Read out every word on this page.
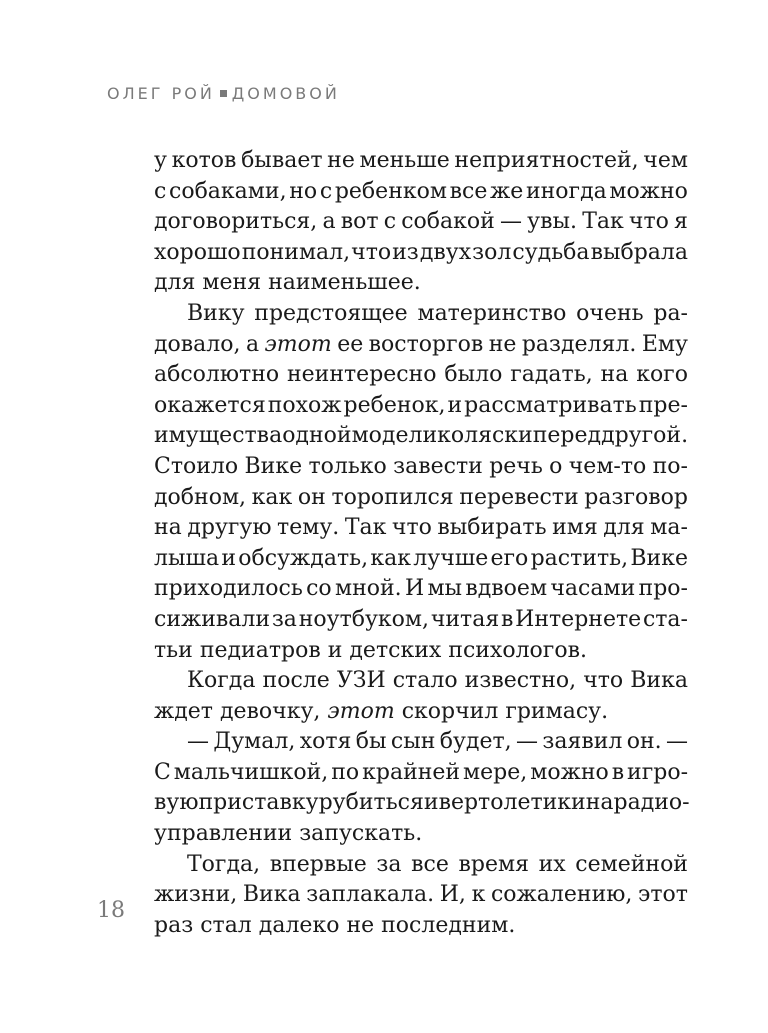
ОЛЕГ РОЙ ДОМОВОЙ
у котов бывает не меньше неприятностей, чем
с собаками, но с ребенком все же иногда можно
договориться, а вот с собакой — увы. Так что я
хорошо понимал, что из двух зол судьба выбрала
для меня наименьшее.
Вику предстоящее материнство очень ра-
довало, а этот ее восторгов не разделял. Ему
абсолютно неинтересно было гадать, на кого
окажется похож ребенок, и рассматривать пре-
имущества одной модели коляски перед другой.
Стоило Вике только завести речь о чем-то по-
добном, как он торопился перевести разговор
на другую тему. Так что выбирать имя для ма-
лыша и обсуждать, как лучше его растить, Вике
приходилось со мной. И мы вдвоем часами про-
сиживали за ноутбуком, читая в Интернете ста-
тьи педиатров и детских психологов.
Когда после УЗИ стало известно, что Вика
ждет девочку, этот скорчил гримасу.
— Думал, хотя бы сын будет, — заявил он. —
С мальчишкой, по крайней мере, можно в игро-
вую приставку рубиться и вертолетики на радио-
управлении запускать.
Тогда, впервые за все время их семейной
жизни, Вика заплакала. И, к сожалению, этот
раз стал далеко не последним.
18
